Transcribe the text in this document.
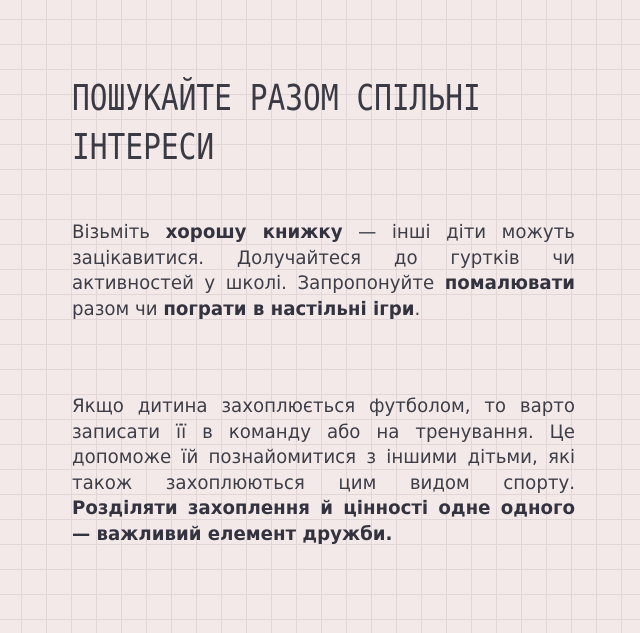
ПОШУКАЙТЕ РАЗОМ СПІЛЬНІ
ІНТЕРЕСИ

Візьміть хорошу книжку — інші діти можуть зацікавитися. Долучайтеся до гуртків чи активностей у школі. Запропонуйте помалювати разом чи пограти в настільні ігри.

Якщо дитина захоплюється футболом, то варто записати її в команду або на тренування. Це допоможе їй познайомитися з іншими дітьми, які також захоплюються цим видом спорту. Розділяти захоплення й цінності одне одного — важливий елемент дружби.
